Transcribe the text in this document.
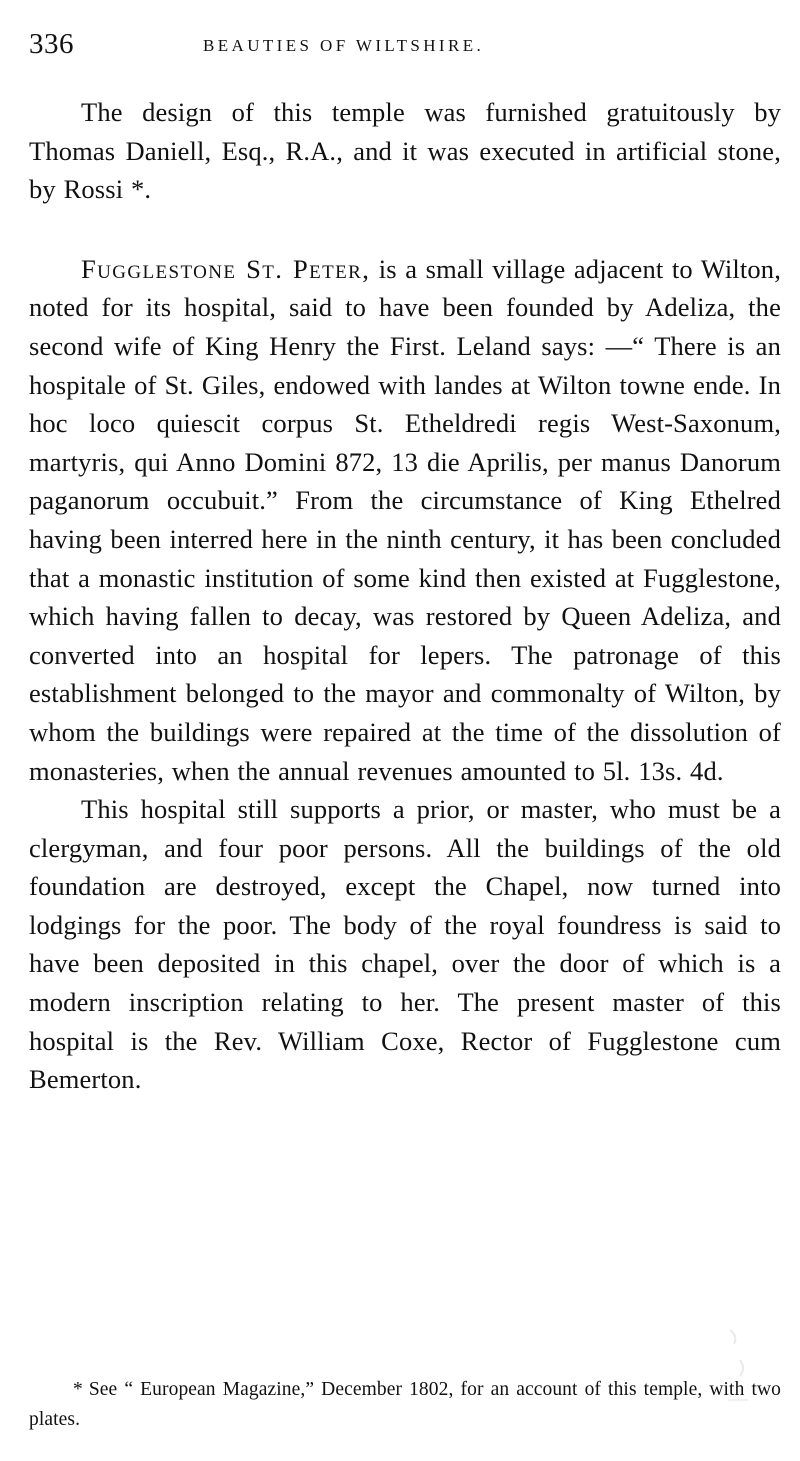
336	BEAUTIES OF WILTSHIRE.

The design of this temple was furnished gratuitously by Thomas Daniell, Esq., R.A., and it was executed in artificial stone, by Rossi *.

Fugglestone St. Peter, is a small village adjacent to Wilton, noted for its hospital, said to have been founded by Adeliza, the second wife of King Henry the First. Leland says: —“ There is an hospitale of St. Giles, endowed with landes at Wilton towne ende. In hoc loco quiescit corpus St. Etheldredi regis West-Saxonum, martyris, qui Anno Domini 872, 13 die Aprilis, per manus Danorum paganorum occubuit.” From the circumstance of King Ethelred having been interred here in the ninth century, it has been concluded that a monastic institution of some kind then existed at Fugglestone, which having fallen to decay, was restored by Queen Adeliza, and converted into an hospital for lepers. The patronage of this establishment belonged to the mayor and commonalty of Wilton, by whom the buildings were repaired at the time of the dissolution of monasteries, when the annual revenues amounted to 5l. 13s. 4d.

This hospital still supports a prior, or master, who must be a clergyman, and four poor persons. All the buildings of the old foundation are destroyed, except the Chapel, now turned into lodgings for the poor. The body of the royal foundress is said to have been deposited in this chapel, over the door of which is a modern inscription relating to her. The present master of this hospital is the Rev. William Coxe, Rector of Fugglestone cum Bemerton.

* See “ European Magazine,” December 1802, for an account of this temple, with two plates.
